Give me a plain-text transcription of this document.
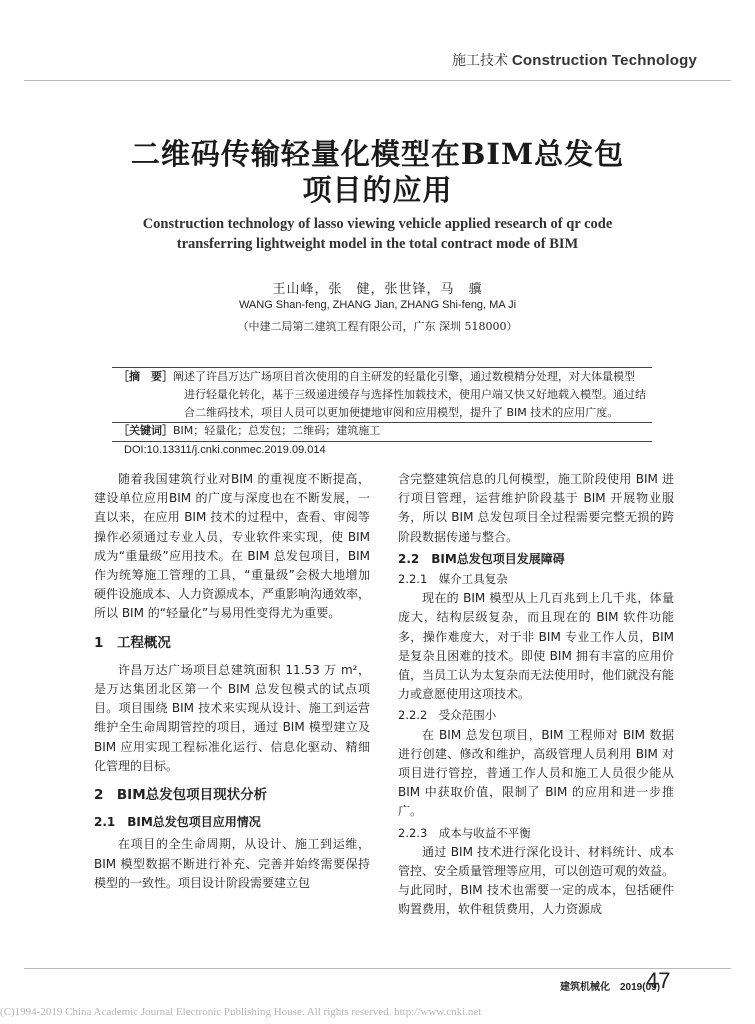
施工技术 Construction Technology
二维码传输轻量化模型在BIM总发包
项目的应用
Construction technology of lasso viewing vehicle applied research of qr code
transferring lightweight model in the total contract mode of BIM
王山峰，张　健，张世锋，马　骥
WANG Shan-feng, ZHANG Jian, ZHANG Shi-feng, MA Ji
（中建二局第二建筑工程有限公司，广东 深圳 518000）
［摘　要］阐述了许昌万达广场项目首次使用的自主研发的轻量化引擎，通过数模精分处理，对大体量模型
进行轻量化转化，基于三级递进缓存与选择性加载技术，使用户端又快又好地载入模型。通过结
合二维码技术，项目人员可以更加便捷地审阅和应用模型，提升了 BIM 技术的应用广度。
［关键词］BIM；轻量化；总发包；二维码；建筑施工
DOI:10.13311/j.cnki.conmec.2019.09.014

随着我国建筑行业对BIM 的重视度不断提高，建设单位应用BIM 的广度与深度也在不断发展，一直以来，在应用 BIM 技术的过程中，查看、审阅等操作必须通过专业人员，专业软件来实现，使 BIM 成为“重量级”应用技术。在 BIM 总发包项目，BIM 作为统筹施工管理的工具，“重量级”会极大地增加硬件设施成本、人力资源成本，严重影响沟通效率，所以 BIM 的“轻量化”与易用性变得尤为重要。

1　工程概况

许昌万达广场项目总建筑面积 11.53 万 m²，是万达集团北区第一个 BIM 总发包模式的试点项目。项目围绕 BIM 技术来实现从设计、施工到运营维护全生命周期管控的项目，通过 BIM 模型建立及 BIM 应用实现工程标准化运行、信息化驱动、精细化管理的目标。

2　BIM总发包项目现状分析
2.1　BIM总发包项目应用情况

在项目的全生命周期，从设计、施工到运维，BIM 模型数据不断进行补充、完善并始终需要保持模型的一致性。项目设计阶段需要建立包

含完整建筑信息的几何模型，施工阶段使用 BIM 进行项目管理，运营维护阶段基于 BIM 开展物业服务，所以 BIM 总发包项目全过程需要完整无损的跨阶段数据传递与整合。

2.2　BIM总发包项目发展障碍
2.2.1　媒介工具复杂

现在的 BIM 模型从上几百兆到上几千兆，体量庞大，结构层级复杂，而且现在的 BIM 软件功能多，操作难度大，对于非 BIM 专业工作人员，BIM 是复杂且困难的技术。即使 BIM 拥有丰富的应用价值，当员工认为太复杂而无法使用时，他们就没有能力或意愿使用这项技术。

2.2.2　受众范围小

在 BIM 总发包项目，BIM 工程师对 BIM 数据进行创建、修改和维护，高级管理人员利用 BIM 对项目进行管控，普通工作人员和施工人员很少能从 BIM 中获取价值，限制了 BIM 的应用和进一步推广。

2.2.3　成本与收益不平衡

通过 BIM 技术进行深化设计、材料统计、成本管控、安全质量管理等应用，可以创造可观的效益。与此同时，BIM 技术也需要一定的成本，包括硬件购置费用，软件租赁费用，人力资源成

建筑机械化　2019(09)
47
(C)1994-2019 China Academic Journal Electronic Publishing House. All rights reserved. http://www.cnki.net
